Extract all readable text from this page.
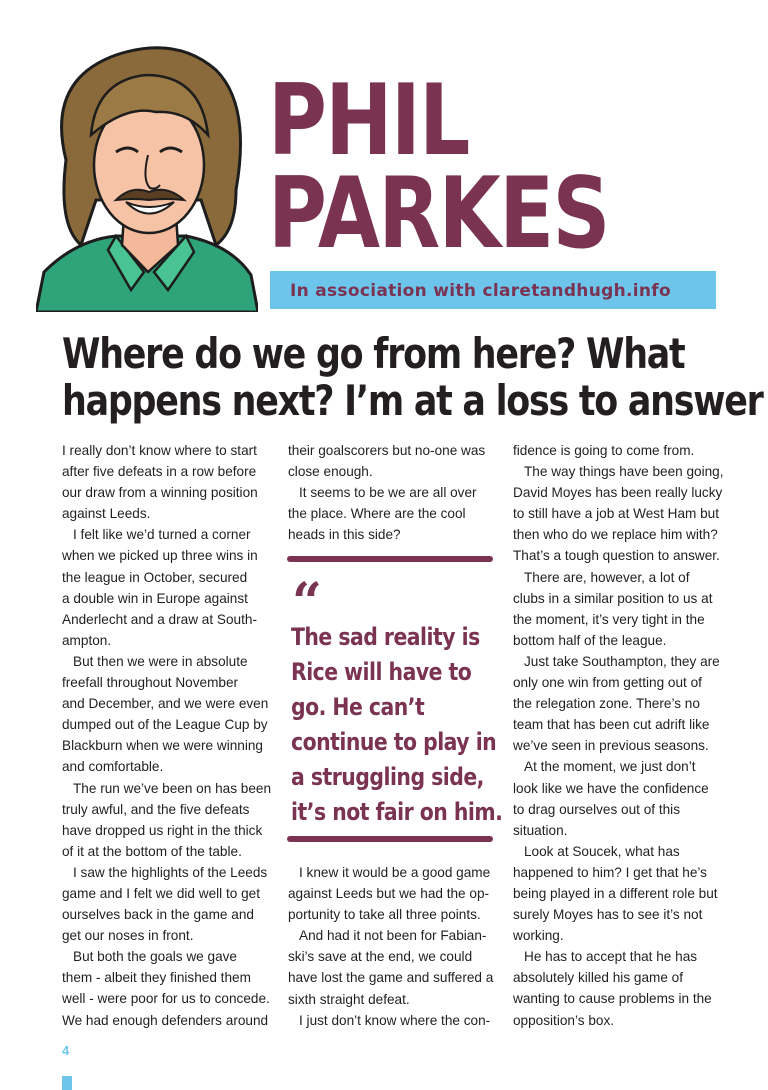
PHIL
PARKES
In association with claretandhugh.info
Where do we go from here? What
happens next? I’m at a loss to answer

I really don’t know where to start

after five defeats in a row before

our draw from a winning position

against Leeds.

I felt like we’d turned a corner

when we picked up three wins in

the league in October, secured

a double win in Europe against

Anderlecht and a draw at South-

ampton.

But then we were in absolute

freefall throughout November

and December, and we were even

dumped out of the League Cup by

Blackburn when we were winning

and comfortable.

The run we’ve been on has been

truly awful, and the five defeats

have dropped us right in the thick

of it at the bottom of the table.

I saw the highlights of the Leeds

game and I felt we did well to get

ourselves back in the game and

get our noses in front.

But both the goals we gave

them - albeit they finished them

well - were poor for us to concede.

We had enough defenders around

their goalscorers but no-one was

close enough.

It seems to be we are all over

the place. Where are the cool

heads in this side?

“
The sad reality is
Rice will have to
go. He can’t
continue to play in
a struggling side,
it’s not fair on him.

I knew it would be a good game

against Leeds but we had the op-

portunity to take all three points.

And had it not been for Fabian-

ski’s save at the end, we could

have lost the game and suffered a

sixth straight defeat.

I just don’t know where the con-

fidence is going to come from.

The way things have been going,

David Moyes has been really lucky

to still have a job at West Ham but

then who do we replace him with?

That’s a tough question to answer.

There are, however, a lot of

clubs in a similar position to us at

the moment, it’s very tight in the

bottom half of the league.

Just take Southampton, they are

only one win from getting out of

the relegation zone. There’s no

team that has been cut adrift like

we’ve seen in previous seasons.

At the moment, we just don’t

look like we have the confidence

to drag ourselves out of this

situation.

Look at Soucek, what has

happened to him? I get that he’s

being played in a different role but

surely Moyes has to see it’s not

working.

He has to accept that he has

absolutely killed his game of

wanting to cause problems in the

opposition’s box.

4
